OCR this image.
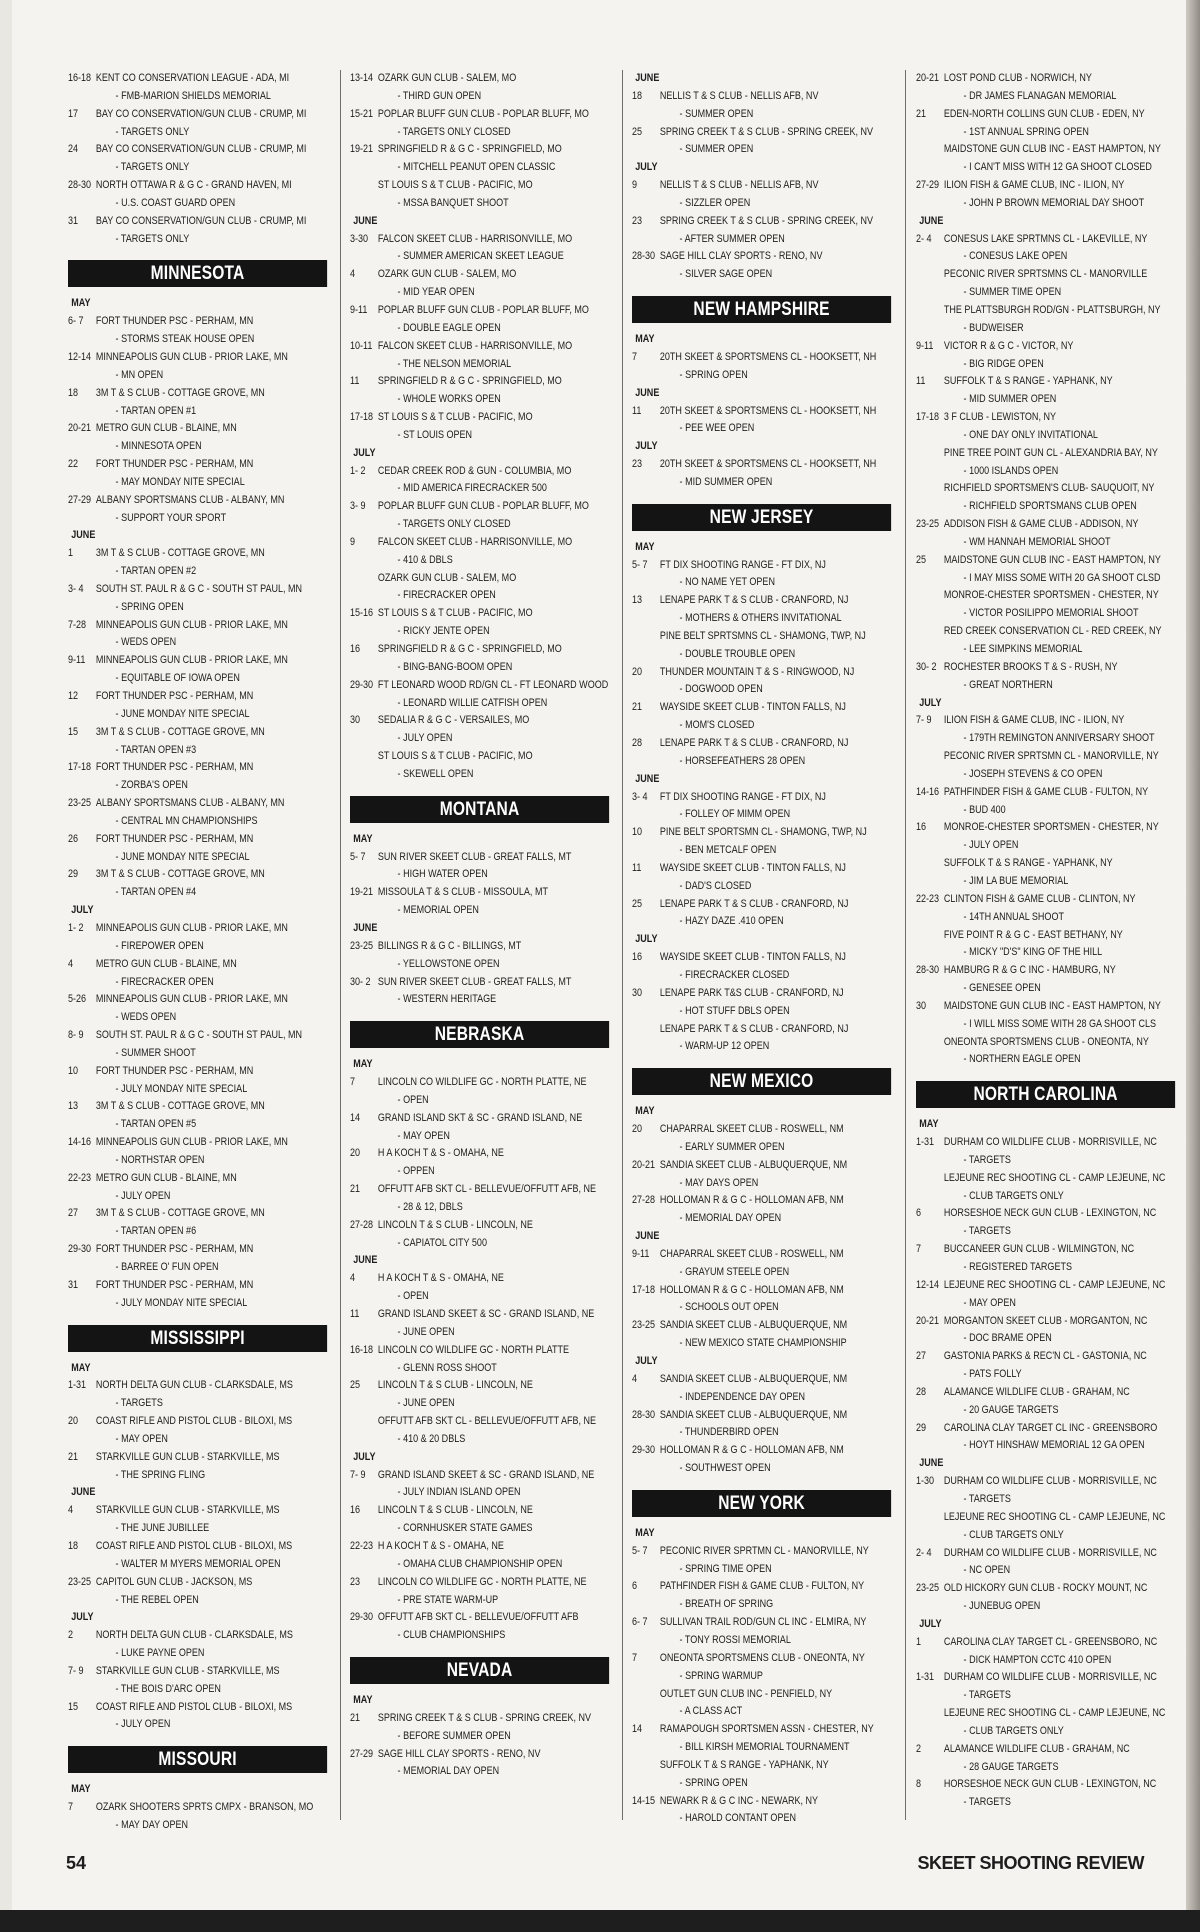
16-18 KENT CO CONSERVATION LEAGUE - ADA, MI
- FMB-MARION SHIELDS MEMORIAL
17	BAY CO CONSERVATION/GUN CLUB - CRUMP, MI
- TARGETS ONLY
24	BAY CO CONSERVATION/GUN CLUB - CRUMP, MI
- TARGETS ONLY
28-30 NORTH OTTAWA R & G C - GRAND HAVEN, MI
- U.S. COAST GUARD OPEN
31	BAY CO CONSERVATION/GUN CLUB - CRUMP, MI
- TARGETS ONLY
MINNESOTA
MAY
6- 7	FORT THUNDER PSC - PERHAM, MN
- STORMS STEAK HOUSE OPEN
12-14 MINNEAPOLIS GUN CLUB - PRIOR LAKE, MN
- MN OPEN
18	3M T & S CLUB - COTTAGE GROVE, MN
- TARTAN OPEN #1
20-21 METRO GUN CLUB - BLAINE, MN
- MINNESOTA OPEN
22	FORT THUNDER PSC - PERHAM, MN
- MAY MONDAY NITE SPECIAL
27-29 ALBANY SPORTSMANS CLUB - ALBANY, MN
- SUPPORT YOUR SPORT
JUNE
1	3M T & S CLUB - COTTAGE GROVE, MN
- TARTAN OPEN #2
3- 4	SOUTH ST. PAUL R & G C - SOUTH ST PAUL, MN
- SPRING OPEN
7-28 MINNEAPOLIS GUN CLUB - PRIOR LAKE, MN
- WEDS OPEN
9-11 MINNEAPOLIS GUN CLUB - PRIOR LAKE, MN
- EQUITABLE OF IOWA OPEN
12	FORT THUNDER PSC - PERHAM, MN
- JUNE MONDAY NITE SPECIAL
15	3M T & S CLUB - COTTAGE GROVE, MN
- TARTAN OPEN #3
17-18 FORT THUNDER PSC - PERHAM, MN
- ZORBA'S OPEN
23-25 ALBANY SPORTSMANS CLUB - ALBANY, MN
- CENTRAL MN CHAMPIONSHIPS
26	FORT THUNDER PSC - PERHAM, MN
- JUNE MONDAY NITE SPECIAL
29	3M T & S CLUB - COTTAGE GROVE, MN
- TARTAN OPEN #4
JULY
1- 2	MINNEAPOLIS GUN CLUB - PRIOR LAKE, MN
- FIREPOWER OPEN
4	METRO GUN CLUB - BLAINE, MN
- FIRECRACKER OPEN
5-26 MINNEAPOLIS GUN CLUB - PRIOR LAKE, MN
- WEDS OPEN
8- 9	SOUTH ST. PAUL R & G C - SOUTH ST PAUL, MN
- SUMMER SHOOT
10	FORT THUNDER PSC - PERHAM, MN
- JULY MONDAY NITE SPECIAL
13	3M T & S CLUB - COTTAGE GROVE, MN
- TARTAN OPEN #5
14-16 MINNEAPOLIS GUN CLUB - PRIOR LAKE, MN
- NORTHSTAR OPEN
22-23 METRO GUN CLUB - BLAINE, MN
- JULY OPEN
27	3M T & S CLUB - COTTAGE GROVE, MN
- TARTAN OPEN #6
29-30 FORT THUNDER PSC - PERHAM, MN
- BARREE O' FUN OPEN
31	FORT THUNDER PSC - PERHAM, MN
- JULY MONDAY NITE SPECIAL
MISSISSIPPI
MAY
1-31 NORTH DELTA GUN CLUB - CLARKSDALE, MS
- TARGETS
20	COAST RIFLE AND PISTOL CLUB - BILOXI, MS
- MAY OPEN
21	STARKVILLE GUN CLUB - STARKVILLE, MS
- THE SPRING FLING
JUNE
4	STARKVILLE GUN CLUB - STARKVILLE, MS
- THE JUNE JUBILLEE
18	COAST RIFLE AND PISTOL CLUB - BILOXI, MS
- WALTER M MYERS MEMORIAL OPEN
23-25 CAPITOL GUN CLUB - JACKSON, MS
- THE REBEL OPEN
JULY
2	NORTH DELTA GUN CLUB - CLARKSDALE, MS
- LUKE PAYNE OPEN
7- 9	STARKVILLE GUN CLUB - STARKVILLE, MS
- THE BOIS D'ARC OPEN
15	COAST RIFLE AND PISTOL CLUB - BILOXI, MS
- JULY OPEN
MISSOURI
MAY
7	OZARK SHOOTERS SPRTS CMPX - BRANSON, MO
- MAY DAY OPEN
13-14 OZARK GUN CLUB - SALEM, MO
- THIRD GUN OPEN
15-21 POPLAR BLUFF GUN CLUB - POPLAR BLUFF, MO
- TARGETS ONLY CLOSED
19-21 SPRINGFIELD R & G C - SPRINGFIELD, MO
- MITCHELL PEANUT OPEN CLASSIC
ST LOUIS S & T CLUB - PACIFIC, MO
- MSSA BANQUET SHOOT
JUNE
3-30 FALCON SKEET CLUB - HARRISONVILLE, MO
- SUMMER AMERICAN SKEET LEAGUE
4	OZARK GUN CLUB - SALEM, MO
- MID YEAR OPEN
9-11 POPLAR BLUFF GUN CLUB - POPLAR BLUFF, MO
- DOUBLE EAGLE OPEN
10-11 FALCON SKEET CLUB - HARRISONVILLE, MO
- THE NELSON MEMORIAL
11	SPRINGFIELD R & G C - SPRINGFIELD, MO
- WHOLE WORKS OPEN
17-18 ST LOUIS S & T CLUB - PACIFIC, MO
- ST LOUIS OPEN
JULY
1- 2	CEDAR CREEK ROD & GUN - COLUMBIA, MO
- MID AMERICA FIRECRACKER 500
3- 9	POPLAR BLUFF GUN CLUB - POPLAR BLUFF, MO
- TARGETS ONLY CLOSED
9	FALCON SKEET CLUB - HARRISONVILLE, MO
- 410 & DBLS
OZARK GUN CLUB - SALEM, MO
- FIRECRACKER OPEN
15-16 ST LOUIS S & T CLUB - PACIFIC, MO
- RICKY JENTE OPEN
16	SPRINGFIELD R & G C - SPRINGFIELD, MO
- BING-BANG-BOOM OPEN
29-30 FT LEONARD WOOD RD/GN CL - FT LEONARD WOOD
- LEONARD WILLIE CATFISH OPEN
30	SEDALIA R & G C - VERSAILES, MO
- JULY OPEN
ST LOUIS S & T CLUB - PACIFIC, MO
- SKEWELL OPEN
MONTANA
MAY
5- 7	SUN RIVER SKEET CLUB - GREAT FALLS, MT
- HIGH WATER OPEN
19-21 MISSOULA T & S CLUB - MISSOULA, MT
- MEMORIAL OPEN
JUNE
23-25 BILLINGS R & G C - BILLINGS, MT
- YELLOWSTONE OPEN
30- 2 SUN RIVER SKEET CLUB - GREAT FALLS, MT
- WESTERN HERITAGE
NEBRASKA
MAY
7	LINCOLN CO WILDLIFE GC - NORTH PLATTE, NE
- OPEN
14	GRAND ISLAND SKT & SC - GRAND ISLAND, NE
- MAY OPEN
20	H A KOCH T & S - OMAHA, NE
- OPPEN
21	OFFUTT AFB SKT CL - BELLEVUE/OFFUTT AFB, NE
- 28 & 12, DBLS
27-28 LINCOLN T & S CLUB - LINCOLN, NE
- CAPIATOL CITY 500
JUNE
4	H A KOCH T & S - OMAHA, NE
- OPEN
11	GRAND ISLAND SKEET & SC - GRAND ISLAND, NE
- JUNE OPEN
16-18 LINCOLN CO WILDLIFE GC - NORTH PLATTE
- GLENN ROSS SHOOT
25	LINCOLN T & S CLUB - LINCOLN, NE
- JUNE OPEN
OFFUTT AFB SKT CL - BELLEVUE/OFFUTT AFB, NE
- 410 & 20 DBLS
JULY
7- 9	GRAND ISLAND SKEET & SC - GRAND ISLAND, NE
- JULY INDIAN ISLAND OPEN
16	LINCOLN T & S CLUB - LINCOLN, NE
- CORNHUSKER STATE GAMES
22-23 H A KOCH T & S - OMAHA, NE
- OMAHA CLUB CHAMPIONSHIP OPEN
23	LINCOLN CO WILDLIFE GC - NORTH PLATTE, NE
- PRE STATE WARM-UP
29-30 OFFUTT AFB SKT CL - BELLEVUE/OFFUTT AFB
- CLUB CHAMPIONSHIPS
NEVADA
MAY
21	SPRING CREEK T & S CLUB - SPRING CREEK, NV
- BEFORE SUMMER OPEN
27-29 SAGE HILL CLAY SPORTS - RENO, NV
- MEMORIAL DAY OPEN
JUNE
18	NELLIS T & S CLUB - NELLIS AFB, NV
- SUMMER OPEN
25	SPRING CREEK T & S CLUB - SPRING CREEK, NV
- SUMMER OPEN
JULY
9	NELLIS T & S CLUB - NELLIS AFB, NV
- SIZZLER OPEN
23	SPRING CREEK T & S CLUB - SPRING CREEK, NV
- AFTER SUMMER OPEN
28-30 SAGE HILL CLAY SPORTS - RENO, NV
- SILVER SAGE OPEN
NEW HAMPSHIRE
MAY
7	20TH SKEET & SPORTSMENS CL - HOOKSETT, NH
- SPRING OPEN
JUNE
11	20TH SKEET & SPORTSMENS CL - HOOKSETT, NH
- PEE WEE OPEN
JULY
23	20TH SKEET & SPORTSMENS CL - HOOKSETT, NH
- MID SUMMER OPEN
NEW JERSEY
MAY
5- 7	FT DIX SHOOTING RANGE - FT DIX, NJ
- NO NAME YET OPEN
13	LENAPE PARK T & S CLUB - CRANFORD, NJ
- MOTHERS & OTHERS INVITATIONAL
PINE BELT SPRTSMNS CL - SHAMONG, TWP, NJ
- DOUBLE TROUBLE OPEN
20	THUNDER MOUNTAIN T & S - RINGWOOD, NJ
- DOGWOOD OPEN
21	WAYSIDE SKEET CLUB - TINTON FALLS, NJ
- MOM'S CLOSED
28	LENAPE PARK T & S CLUB - CRANFORD, NJ
- HORSEFEATHERS 28 OPEN
JUNE
3- 4	FT DIX SHOOTING RANGE - FT DIX, NJ
- FOLLEY OF MIMM OPEN
10	PINE BELT SPORTSMN CL - SHAMONG, TWP, NJ
- BEN METCALF OPEN
11	WAYSIDE SKEET CLUB - TINTON FALLS, NJ
- DAD'S CLOSED
25	LENAPE PARK T & S CLUB - CRANFORD, NJ
- HAZY DAZE .410 OPEN
JULY
16	WAYSIDE SKEET CLUB - TINTON FALLS, NJ
- FIRECRACKER CLOSED
30	LENAPE PARK T&S CLUB - CRANFORD, NJ
- HOT STUFF DBLS OPEN
LENAPE PARK T & S CLUB - CRANFORD, NJ
- WARM-UP 12 OPEN
NEW MEXICO
MAY
20	CHAPARRAL SKEET CLUB - ROSWELL, NM
- EARLY SUMMER OPEN
20-21 SANDIA SKEET CLUB - ALBUQUERQUE, NM
- MAY DAYS OPEN
27-28 HOLLOMAN R & G C - HOLLOMAN AFB, NM
- MEMORIAL DAY OPEN
JUNE
9-11 CHAPARRAL SKEET CLUB - ROSWELL, NM
- GRAYUM STEELE OPEN
17-18 HOLLOMAN R & G C - HOLLOMAN AFB, NM
- SCHOOLS OUT OPEN
23-25 SANDIA SKEET CLUB - ALBUQUERQUE, NM
- NEW MEXICO STATE CHAMPIONSHIP
JULY
4	SANDIA SKEET CLUB - ALBUQUERQUE, NM
- INDEPENDENCE DAY OPEN
28-30 SANDIA SKEET CLUB - ALBUQUERQUE, NM
- THUNDERBIRD OPEN
29-30 HOLLOMAN R & G C - HOLLOMAN AFB, NM
- SOUTHWEST OPEN
NEW YORK
MAY
5- 7	PECONIC RIVER SPRTMN CL - MANORVILLE, NY
- SPRING TIME OPEN
6	PATHFINDER FISH & GAME CLUB - FULTON, NY
- BREATH OF SPRING
6- 7	SULLIVAN TRAIL ROD/GUN CL INC - ELMIRA, NY
- TONY ROSSI MEMORIAL
7	ONEONTA SPORTSMENS CLUB - ONEONTA, NY
- SPRING WARMUP
OUTLET GUN CLUB INC - PENFIELD, NY
- A CLASS ACT
14	RAMAPOUGH SPORTSMEN ASSN - CHESTER, NY
- BILL KIRSH MEMORIAL TOURNAMENT
SUFFOLK T & S RANGE - YAPHANK, NY
- SPRING OPEN
14-15 NEWARK R & G C INC - NEWARK, NY
- HAROLD CONTANT OPEN
20-21 LOST POND CLUB - NORWICH, NY
- DR JAMES FLANAGAN MEMORIAL
21	EDEN-NORTH COLLINS GUN CLUB - EDEN, NY
- 1ST ANNUAL SPRING OPEN
MAIDSTONE GUN CLUB INC - EAST HAMPTON, NY
- I CAN'T MISS WITH 12 GA SHOOT CLOSED
27-29 ILION FISH & GAME CLUB, INC - ILION, NY
- JOHN P BROWN MEMORIAL DAY SHOOT
JUNE
2- 4	CONESUS LAKE SPRTMNS CL - LAKEVILLE, NY
- CONESUS LAKE OPEN
PECONIC RIVER SPRTSMNS CL - MANORVILLE
- SUMMER TIME OPEN
THE PLATTSBURGH ROD/GN - PLATTSBURGH, NY
- BUDWEISER
9-11 VICTOR R & G C - VICTOR, NY
- BIG RIDGE OPEN
11	SUFFOLK T & S RANGE - YAPHANK, NY
- MID SUMMER OPEN
17-18 3 F CLUB - LEWISTON, NY
- ONE DAY ONLY INVITATIONAL
PINE TREE POINT GUN CL - ALEXANDRIA BAY, NY
- 1000 ISLANDS OPEN
RICHFIELD SPORTSMEN'S CLUB- SAUQUOIT, NY
- RICHFIELD SPORTSMANS CLUB OPEN
23-25 ADDISON FISH & GAME CLUB - ADDISON, NY
- WM HANNAH MEMORIAL SHOOT
25	MAIDSTONE GUN CLUB INC - EAST HAMPTON, NY
- I MAY MISS SOME WITH 20 GA SHOOT CLSD
MONROE-CHESTER SPORTSMEN - CHESTER, NY
- VICTOR POSILIPPO MEMORIAL SHOOT
RED CREEK CONSERVATION CL - RED CREEK, NY
- LEE SIMPKINS MEMORIAL
30- 2 ROCHESTER BROOKS T & S - RUSH, NY
- GREAT NORTHERN
JULY
7- 9	ILION FISH & GAME CLUB, INC - ILION, NY
- 179TH REMINGTON ANNIVERSARY SHOOT
PECONIC RIVER SPRTSMN CL - MANORVILLE, NY
- JOSEPH STEVENS & CO OPEN
14-16 PATHFINDER FISH & GAME CLUB - FULTON, NY
- BUD 400
16	MONROE-CHESTER SPORTSMEN - CHESTER, NY
- JULY OPEN
SUFFOLK T & S RANGE - YAPHANK, NY
- JIM LA BUE MEMORIAL
22-23 CLINTON FISH & GAME CLUB - CLINTON, NY
- 14TH ANNUAL SHOOT
FIVE POINT R & G C - EAST BETHANY, NY
- MICKY "D'S" KING OF THE HILL
28-30 HAMBURG R & G C INC - HAMBURG, NY
- GENESEE OPEN
30	MAIDSTONE GUN CLUB INC - EAST HAMPTON, NY
- I WILL MISS SOME WITH 28 GA SHOOT CLS
ONEONTA SPORTSMENS CLUB - ONEONTA, NY
- NORTHERN EAGLE OPEN
NORTH CAROLINA
MAY
1-31 DURHAM CO WILDLIFE CLUB - MORRISVILLE, NC
- TARGETS
LEJEUNE REC SHOOTING CL - CAMP LEJEUNE, NC
- CLUB TARGETS ONLY
6	HORSESHOE NECK GUN CLUB - LEXINGTON, NC
- TARGETS
7	BUCCANEER GUN CLUB - WILMINGTON, NC
- REGISTERED TARGETS
12-14 LEJEUNE REC SHOOTING CL - CAMP LEJEUNE, NC
- MAY OPEN
20-21 MORGANTON SKEET CLUB - MORGANTON, NC
- DOC BRAME OPEN
27	GASTONIA PARKS & REC'N CL - GASTONIA, NC
- PATS FOLLY
28	ALAMANCE WILDLIFE CLUB - GRAHAM, NC
- 20 GAUGE TARGETS
29	CAROLINA CLAY TARGET CL INC - GREENSBORO
- HOYT HINSHAW MEMORIAL 12 GA OPEN
JUNE
1-30 DURHAM CO WILDLIFE CLUB - MORRISVILLE, NC
- TARGETS
LEJEUNE REC SHOOTING CL - CAMP LEJEUNE, NC
- CLUB TARGETS ONLY
2- 4	DURHAM CO WILDLIFE CLUB - MORRISVILLE, NC
- NC OPEN
23-25 OLD HICKORY GUN CLUB - ROCKY MOUNT, NC
- JUNEBUG OPEN
JULY
1	CAROLINA CLAY TARGET CL - GREENSBORO, NC
- DICK HAMPTON CCTC 410 OPEN
1-31 DURHAM CO WILDLIFE CLUB - MORRISVILLE, NC
- TARGETS
LEJEUNE REC SHOOTING CL - CAMP LEJEUNE, NC
- CLUB TARGETS ONLY
2	ALAMANCE WILDLIFE CLUB - GRAHAM, NC
- 28 GAUGE TARGETS
8	HORSESHOE NECK GUN CLUB - LEXINGTON, NC
- TARGETS
54	SKEET SHOOTING REVIEW
